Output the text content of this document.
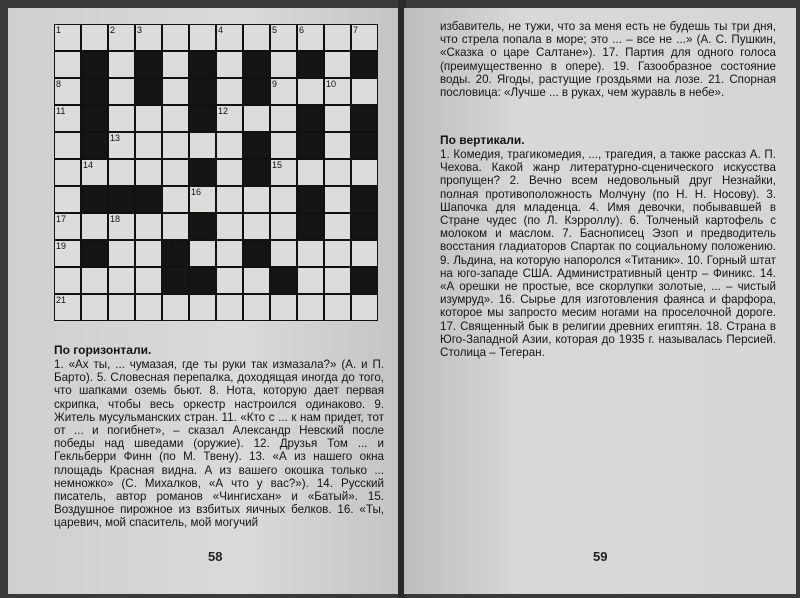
1	2 3	4	5 6	7
8	9	10
11	12
13
14	15
16
17	18
19	20
21
По горизонтали.
1. «Ах ты, ... чумазая, где ты руки так измазала?» (А. и П. Барто). 5. Словесная перепалка, доходящая иногда до того, что шапками оземь бьют. 8. Нота, которую дает первая скрипка, чтобы весь оркестр настроился одинаково. 9. Житель мусульманских стран. 11. «Кто с ... к нам придет, тот от ... и погибнет», – сказал Александр Невский после победы над шведами (оружие). 12. Друзья Том ... и Гекльберри Финн (по М. Твену). 13. «А из нашего окна площадь Красная видна. А из вашего окошка только ... немножко» (С. Михалков, «А что у вас?»). 14. Русский писатель, автор романов «Чингисхан» и «Батый». 15. Воздушное пирожное из взбитых яичных белков. 16. «Ты, царевич, мой спаситель, мой могучий
58
избавитель, не тужи, что за меня есть не будешь ты три дня, что стрела попала в море; это ... – все не ...» (А. С. Пушкин, «Сказка о царе Салтане»). 17. Партия для одного голоса (преимущественно в опере). 19. Газообразное состояние воды. 20. Ягоды, растущие гроздьями на лозе. 21. Спорная пословица: «Лучше ... в руках, чем журавль в небе».
По вертикали.
1. Комедия, трагикомедия, ..., трагедия, а также рассказ А. П. Чехова. Какой жанр литературно-сценического искусства пропущен? 2. Вечно всем недовольный друг Незнайки, полная противоположность Молчуну (по Н. Н. Носову). 3. Шапочка для младенца. 4. Имя девочки, побывавшей в Стране чудес (по Л. Кэрроллу). 6. Толченый картофель с молоком и маслом. 7. Баснописец Эзоп и предводитель восстания гладиаторов Спартак по социальному положению. 9. Льдина, на которую напоролся «Титаник». 10. Горный штат на юго-западе США. Административный центр – Финикс. 14. «А орешки не простые, все скорлупки золотые, ... – чистый изумруд». 16. Сырье для изготовления фаянса и фарфора, которое мы запросто месим ногами на проселочной дороге. 17. Священный бык в религии древних египтян. 18. Страна в Юго-Западной Азии, которая до 1935 г. называлась Персией. Столица – Тегеран.
59
